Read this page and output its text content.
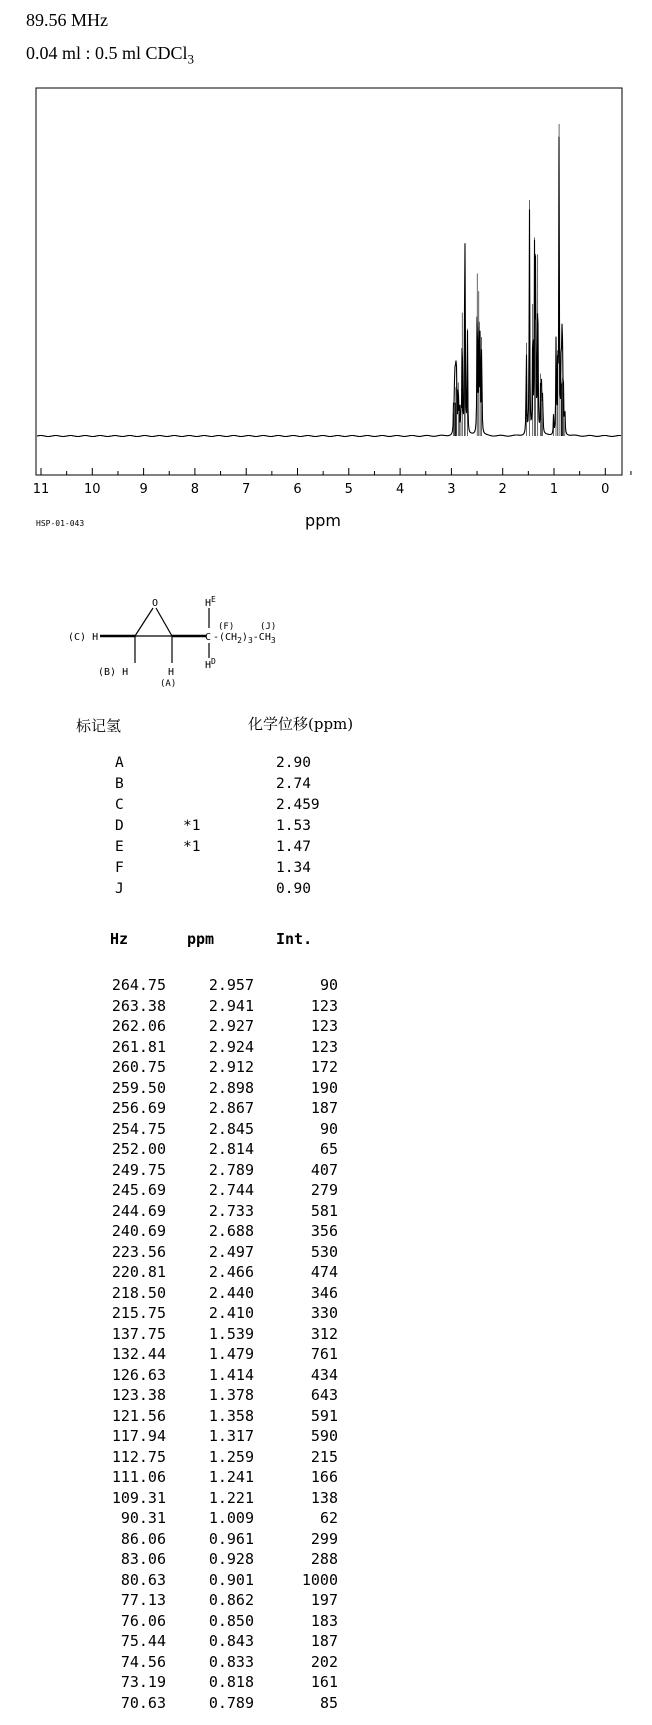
89.56 MHz
0.04 ml : 0.5 ml CDCl$_3$
11	10	9	8	7	6	5	4	3	2	1	0
ppm
HSP-01-043
O
(C) H
$H^E$
C $-(CH_2)_3-CH_3$
(F)	(J)
(B) H	H
(A)
$H^D$
标记氢	化学位移(ppm)
A	2.90
B	2.74
C	2.459
D	*1	1.53
E	*1	1.47
F	1.34
J	0.90
Hz	ppm	Int.
264.75	2.957	90
263.38	2.941	123
262.06	2.927	123
261.81	2.924	123
260.75	2.912	172
259.50	2.898	190
256.69	2.867	187
254.75	2.845	90
252.00	2.814	65
249.75	2.789	407
245.69	2.744	279
244.69	2.733	581
240.69	2.688	356
223.56	2.497	530
220.81	2.466	474
218.50	2.440	346
215.75	2.410	330
137.75	1.539	312
132.44	1.479	761
126.63	1.414	434
123.38	1.378	643
121.56	1.358	591
117.94	1.317	590
112.75	1.259	215
111.06	1.241	166
109.31	1.221	138
90.31	1.009	62
86.06	0.961	299
83.06	0.928	288
80.63	0.901	1000
77.13	0.862	197
76.06	0.850	183
75.44	0.843	187
74.56	0.833	202
73.19	0.818	161
70.63	0.789	85
